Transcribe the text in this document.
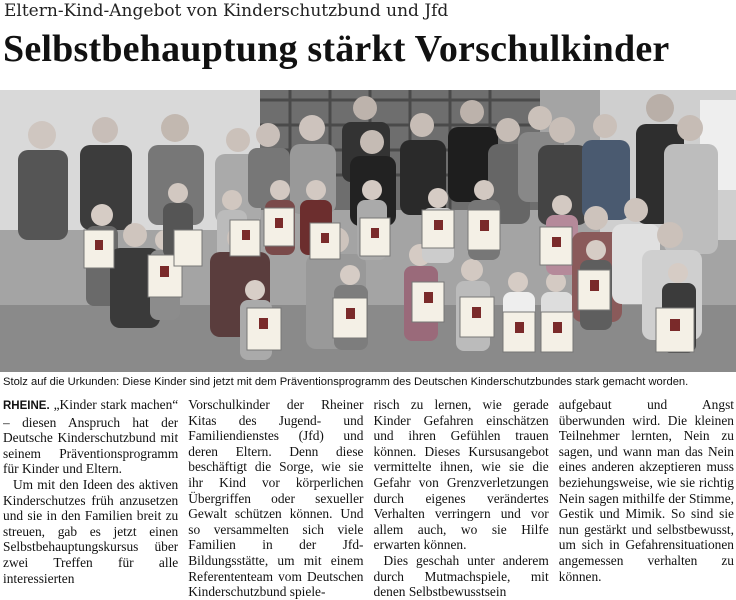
Eltern-Kind-Angebot von Kinderschutzbund und Jfd
Selbstbehauptung stärkt Vorschulkinder
Stolz auf die Urkunden: Diese Kinder sind jetzt mit dem Präventionsprogramm des Deutschen Kinderschutzbundes stark gemacht worden.

RHEINE. „Kinder stark machen“ – diesen Anspruch hat der Deutsche Kinderschutzbund mit seinem Präventionsprogramm für Kinder und Eltern.

Um mit den Ideen des aktiven Kinderschutzes früh anzusetzen und sie in den Familien breit zu streuen, gab es jetzt einen Selbstbehauptungskursus über zwei Treffen für alle interessierten

Vorschulkinder der Rheiner Kitas des Jugend- und Familiendienstes (Jfd) und deren Eltern. Denn diese beschäftigt die Sorge, wie sie ihr Kind vor körperlichen Übergriffen oder sexueller Gewalt schützen können. Und so versammelten sich viele Familien in der Jfd-Bildungsstätte, um mit einem Referententeam vom Deutschen Kinderschutzbund spiele-

risch zu lernen, wie gerade Kinder Gefahren einschätzen und ihren Gefühlen trauen können. Dieses Kursusangebot vermittelte ihnen, wie sie die Gefahr von Grenzverletzungen durch eigenes verändertes Verhalten verringern und vor allem auch, wo sie Hilfe erwarten können.

Dies geschah unter anderem durch Mutmachspiele, mit denen Selbstbewusstsein

aufgebaut und Angst überwunden wird. Die kleinen Teilnehmer lernten, Nein zu sagen, und wann man das Nein eines anderen akzeptieren muss beziehungsweise, wie sie richtig Nein sagen mithilfe der Stimme, Gestik und Mimik. So sind sie nun gestärkt und selbstbewusst, um sich in Gefahrensituationen angemessen verhalten zu können.
